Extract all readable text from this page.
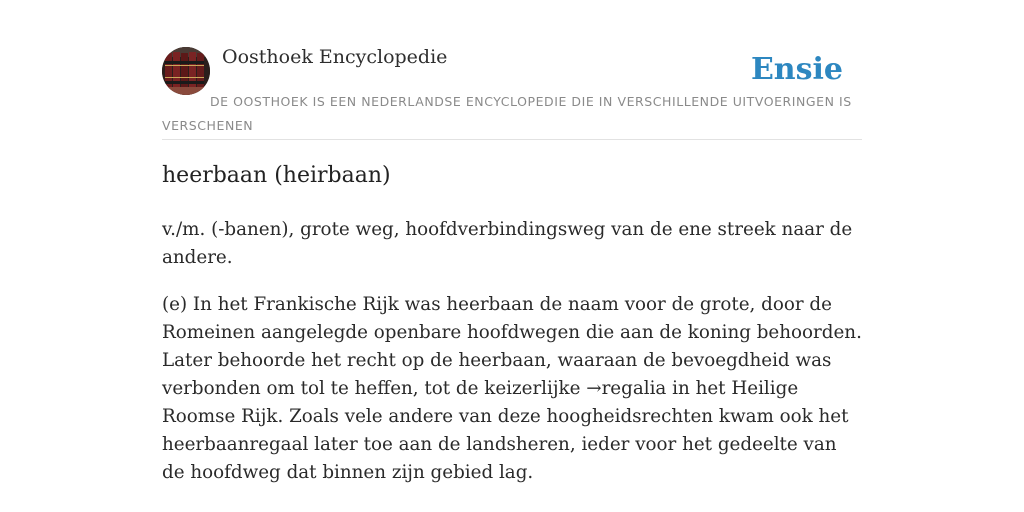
Oosthoek Encyclopedie	Ensie
DE OOSTHOEK IS EEN NEDERLANDSE ENCYCLOPEDIE DIE IN VERSCHILLENDE UITVOERINGEN IS VERSCHENEN
heerbaan (heirbaan)

v./m. (-banen), grote weg, hoofdverbindingsweg van de ene streek naar de andere.

(e) In het Frankische Rijk was heerbaan de naam voor de grote, door de Romeinen aangelegde openbare hoofdwegen die aan de koning behoorden. Later behoorde het recht op de heerbaan, waaraan de bevoegdheid was verbonden om tol te heffen, tot de keizerlijke →regalia in het Heilige Roomse Rijk. Zoals vele andere van deze hoogheidsrechten kwam ook het heerbaanregaal later toe aan de landsheren, ieder voor het gedeelte van de hoofdweg dat binnen zijn gebied lag.
